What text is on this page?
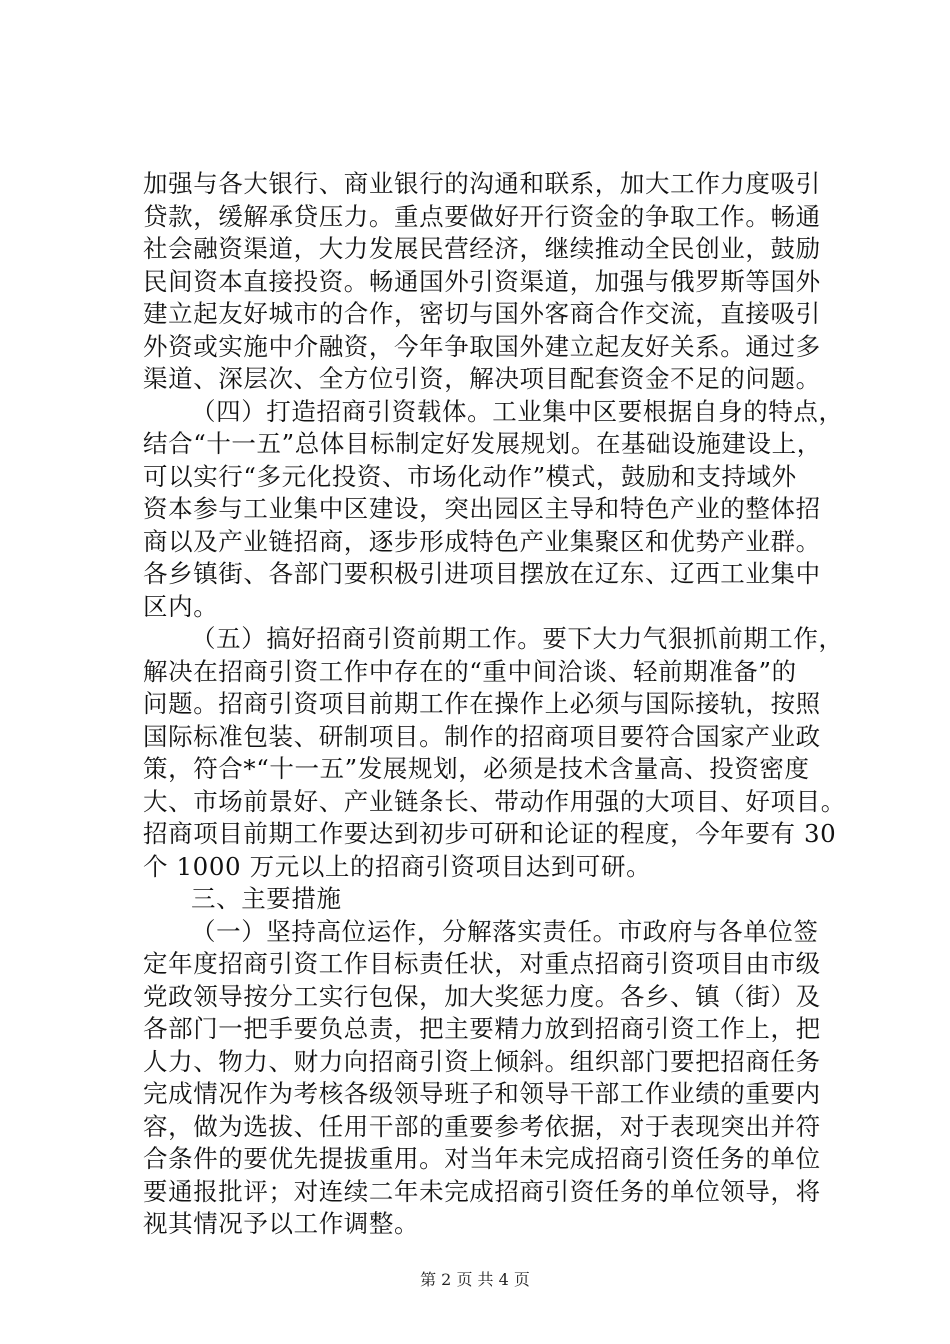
加强与各大银行、商业银行的沟通和联系，加大工作力度吸引
贷款，缓解承贷压力。重点要做好开行资金的争取工作。畅通
社会融资渠道，大力发展民营经济，继续推动全民创业，鼓励
民间资本直接投资。畅通国外引资渠道，加强与俄罗斯等国外
建立起友好城市的合作，密切与国外客商合作交流，直接吸引
外资或实施中介融资，今年争取国外建立起友好关系。通过多
渠道、深层次、全方位引资，解决项目配套资金不足的问题。
（四）打造招商引资载体。工业集中区要根据自身的特点，
结合“十一五”总体目标制定好发展规划。在基础设施建设上，
可以实行“多元化投资、市场化动作”模式，鼓励和支持域外
资本参与工业集中区建设，突出园区主导和特色产业的整体招
商以及产业链招商，逐步形成特色产业集聚区和优势产业群。
各乡镇街、各部门要积极引进项目摆放在辽东、辽西工业集中
区内。
（五）搞好招商引资前期工作。要下大力气狠抓前期工作，
解决在招商引资工作中存在的“重中间洽谈、轻前期准备”的
问题。招商引资项目前期工作在操作上必须与国际接轨，按照
国际标准包装、研制项目。制作的招商项目要符合国家产业政
策，符合*“十一五”发展规划，必须是技术含量高、投资密度
大、市场前景好、产业链条长、带动作用强的大项目、好项目。
招商项目前期工作要达到初步可研和论证的程度，今年要有 30
个 1000 万元以上的招商引资项目达到可研。
三、主要措施
（一）坚持高位运作，分解落实责任。市政府与各单位签
定年度招商引资工作目标责任状，对重点招商引资项目由市级
党政领导按分工实行包保，加大奖惩力度。各乡、镇（街）及
各部门一把手要负总责，把主要精力放到招商引资工作上，把
人力、物力、财力向招商引资上倾斜。组织部门要把招商任务
完成情况作为考核各级领导班子和领导干部工作业绩的重要内
容，做为选拔、任用干部的重要参考依据，对于表现突出并符
合条件的要优先提拔重用。对当年未完成招商引资任务的单位
要通报批评；对连续二年未完成招商引资任务的单位领导，将
视其情况予以工作调整。
第 2 页 共 4 页
